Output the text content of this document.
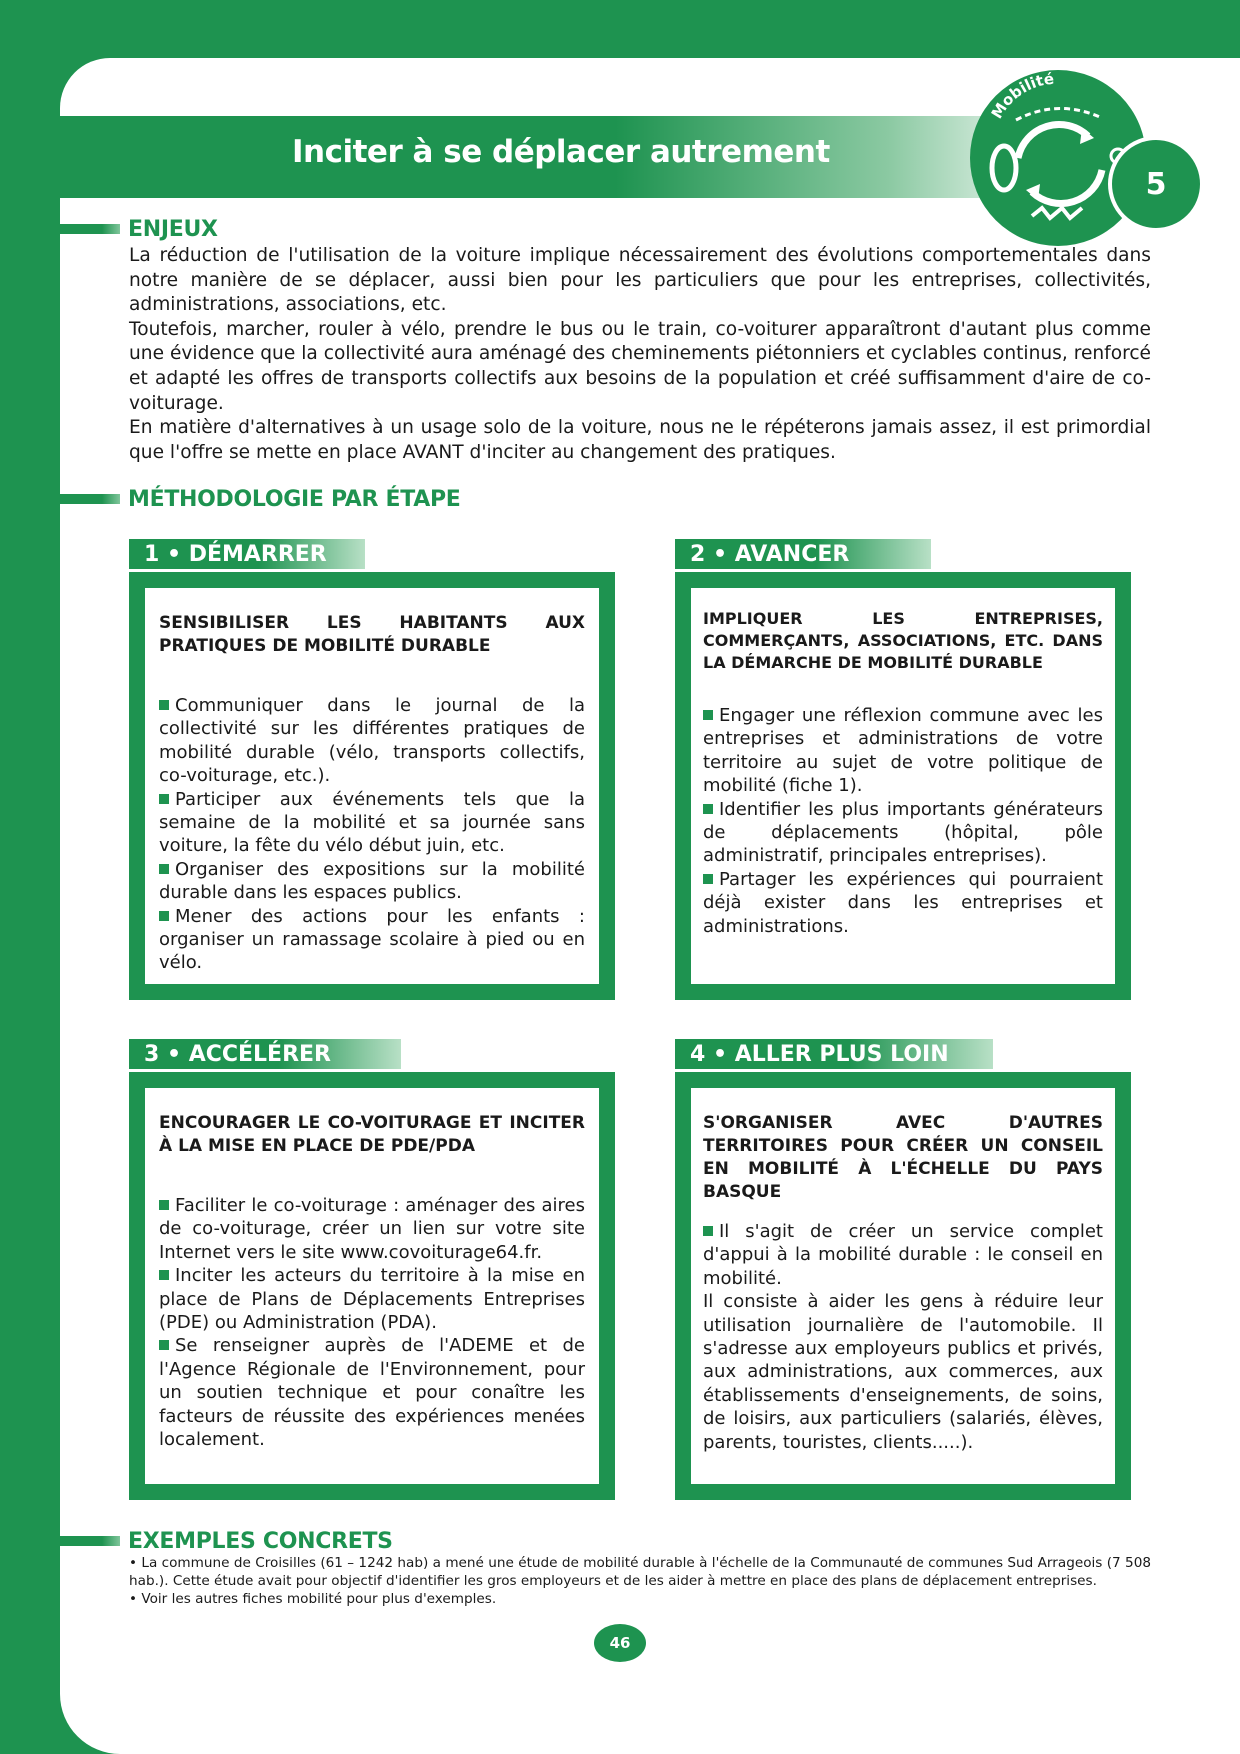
Inciter à se déplacer autrement
Mobilité
5
ENJEUX

La réduction de l'utilisation de la voiture implique nécessairement des évolutions comportementales dans notre manière de se déplacer, aussi bien pour les particuliers que pour les entreprises, collectivités, administrations, associations, etc.

Toutefois, marcher, rouler à vélo, prendre le bus ou le train, co-voiturer apparaîtront d'autant plus comme une évidence que la collectivité aura aménagé des cheminements piétonniers et cyclables continus, renforcé et adapté les offres de transports collectifs aux besoins de la population et créé suffisamment d'aire de co-voiturage.

En matière d'alternatives à un usage solo de la voiture, nous ne le répéterons jamais assez, il est primordial que l'offre se mette en place AVANT d'inciter au changement des pratiques.

MÉTHODOLOGIE PAR ÉTAPE
1 • DÉMARRER

SENSIBILISER LES HABITANTS AUX PRATIQUES DE MOBILITÉ DURABLE

Communiquer dans le journal de la collectivité sur les différentes pratiques de mobilité durable (vélo, transports collectifs, co-voiturage, etc.).

Participer aux événements tels que la semaine de la mobilité et sa journée sans voiture, la fête du vélo début juin, etc.

Organiser des expositions sur la mobilité durable dans les espaces publics.

Mener des actions pour les enfants : organiser un ramassage scolaire à pied ou en vélo.

2 • AVANCER

IMPLIQUER LES ENTREPRISES, COMMERÇANTS, ASSOCIATIONS, ETC. DANS LA DÉMARCHE DE MOBILITÉ DURABLE

Engager une réflexion commune avec les entreprises et administrations de votre territoire au sujet de votre politique de mobilité (fiche 1).

Identifier les plus importants générateurs de déplacements (hôpital, pôle administratif, principales entreprises).

Partager les expériences qui pourraient déjà exister dans les entreprises et administrations.

3 • ACCÉLÉRER

ENCOURAGER LE CO-VOITURAGE ET INCITER À LA MISE EN PLACE DE PDE/PDA

Faciliter le co-voiturage : aménager des aires de co-voiturage, créer un lien sur votre site Internet vers le site www.covoiturage64.fr.

Inciter les acteurs du territoire à la mise en place de Plans de Déplacements Entreprises (PDE) ou Administration (PDA).

Se renseigner auprès de l'ADEME et de l'Agence Régionale de l'Environnement, pour un soutien technique et pour conaître les facteurs de réussite des expériences menées localement.

4 • ALLER PLUS LOIN

S'ORGANISER AVEC D'AUTRES TERRITOIRES POUR CRÉER UN CONSEIL EN MOBILITÉ À L'ÉCHELLE DU PAYS BASQUE

Il s'agit de créer un service complet d'appui à la mobilité durable : le conseil en mobilité.

Il consiste à aider les gens à réduire leur utilisation journalière de l'automobile. Il s'adresse aux employeurs publics et privés, aux administrations, aux commerces, aux établissements d'enseignements, de soins, de loisirs, aux particuliers (salariés, élèves, parents, touristes, clients.....).

EXEMPLES CONCRETS

• La commune de Croisilles (61 – 1242 hab) a mené une étude de mobilité durable à l'échelle de la Communauté de communes Sud Arrageois (7 508 hab.). Cette étude avait pour objectif d'identifier les gros employeurs et de les aider à mettre en place des plans de déplacement entreprises.

• Voir les autres fiches mobilité pour plus d'exemples.

46
